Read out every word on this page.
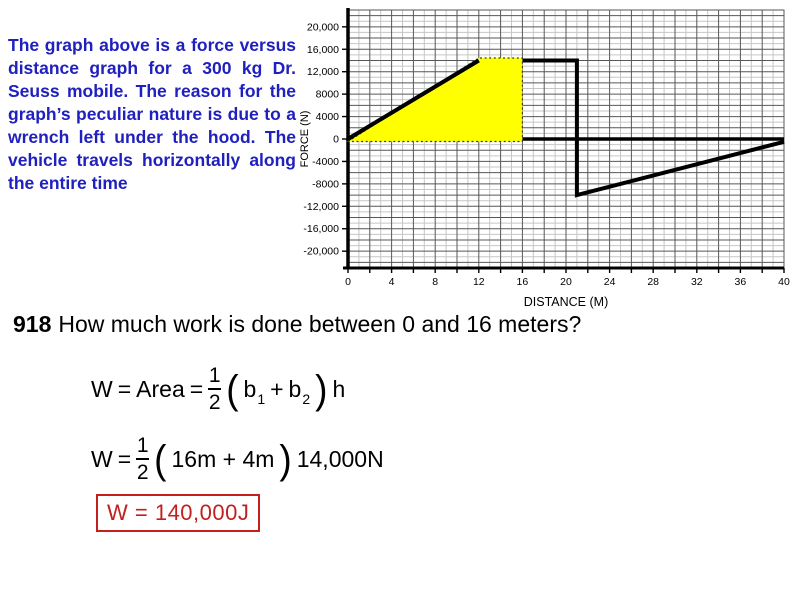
The graph above is a force versus distance graph for a 300 kg Dr. Seuss mobile. The reason for the graph’s peculiar nature is due to a wrench left under the hood. The vehicle travels horizontally along the entire time

20,000
16,000
12,000
8000
4000
0
-4000
-8000
-12,000
-16,000
-20,000
0	4	8	12	16	20	24	28	32	36	40
FORCE (N)
DISTANCE (M)
918 How much work is done between 0 and 16 meters?
W = Area = $\frac{1}{2}$ ( $b_1 + b_2$ ) h
$W = \frac{1}{2}$ ( 16m + 4m ) 14,000N
W = 140,000J
